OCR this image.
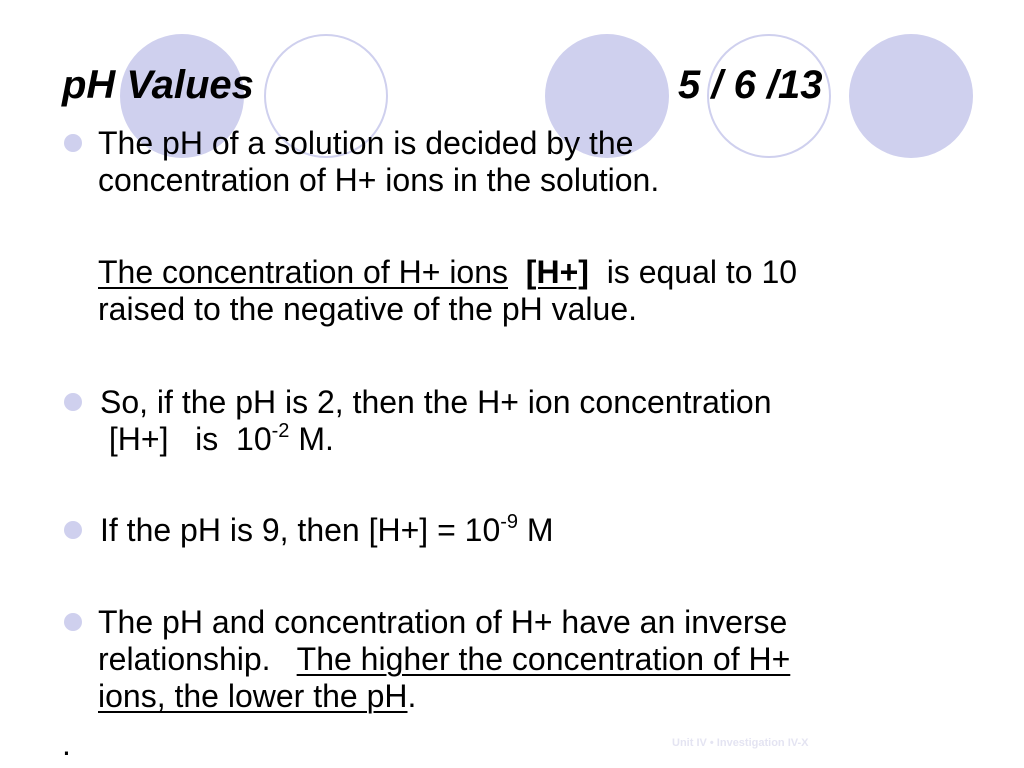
pH Values	5 / 6 /13
The pH of a solution is decided by the
concentration of H+ ions in the solution.
The concentration of H+ ions [H+] is equal to 10
raised to the negative of the pH value.
So, if the pH is 2, then the H+ ion concentration
[H+]   is  $10^{-2}$ M.
If the pH is 9, then $[H+] = 10^{-9}$ M
The pH and concentration of H+ have an inverse
relationship. The higher the concentration of H+
ions, the lower the pH.
.	Unit IV • Investigation IV-X
